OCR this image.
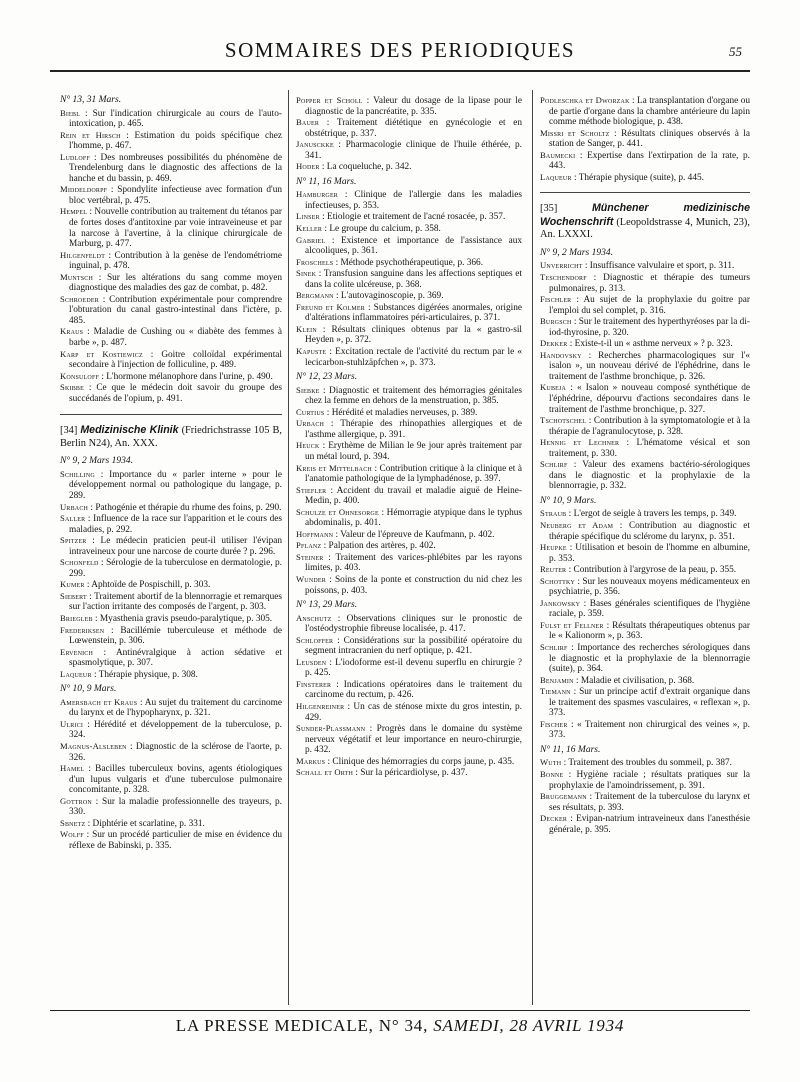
SOMMAIRES DES PERIODIQUES	55
N° 13, 31 Mars.

Biebl : Sur l'indication chirurgicale au cours de l'auto-intoxication, p. 465.

Rein et Hirsch : Estimation du poids spécifique chez l'homme, p. 467.

Ludloff : Des nombreuses possibilités du phénomène de Trendelenburg dans le diagnostic des affections de la hanche et du bassin, p. 469.

Middeldorpf : Spondylite infectieuse avec formation d'un bloc vertébral, p. 475.

Hempel : Nouvelle contribution au traitement du tétanos par de fortes doses d'antitoxine par voie intraveineuse et par la narcose à l'avertine, à la clinique chirurgicale de Marburg, p. 477.

Hilgenfeldt : Contribution à la genèse de l'endométriome inguinal, p. 478.

Muntsch : Sur les altérations du sang comme moyen diagnostique des maladies des gaz de combat, p. 482.

Schroeder : Contribution expérimentale pour comprendre l'obturation du canal gastro-intestinal dans l'ictère, p. 485.

Kraus : Maladie de Cushing ou « diabète des femmes à barbe », p. 487.

Karp et Kostiewicz : Goitre colloïdal expérimental secondaire à l'injection de folliculine, p. 489.

Konsuloff : L'hormone mélanophore dans l'urine, p. 490.

Skibbe : Ce que le médecin doit savoir du groupe des succédanés de l'opium, p. 491.

[34] Medizinische Klinik (Friedrichstrasse 105 B, Berlin N24), An. XXX.

N° 9, 2 Mars 1934.

Schilling : Importance du « parler interne » pour le développement normal ou pathologique du langage, p. 289.

Urbach : Pathogénie et thérapie du rhume des foins, p. 290.

Saller : Influence de la race sur l'apparition et le cours des maladies, p. 292.

Spitzer : Le médecin praticien peut-il utiliser l'évipan intraveineux pour une narcose de courte durée ? p. 296.

Schonfeld : Sérologie de la tuberculose en dermatologie, p. 299.

Kumer : Aphtoïde de Pospischill, p. 303.

Siebert : Traitement abortif de la blennorragie et remarques sur l'action irritante des composés de l'argent, p. 303.

Briegleb : Myasthenia gravis pseudo-paralytique, p. 305.

Frederiksen : Bacillémie tuberculeuse et méthode de Lœwenstein, p. 306.

Ervenich : Antinévralgique à action sédative et spasmolytique, p. 307.

Laqueur : Thérapie physique, p. 308.

N° 10, 9 Mars.

Amersbach et Kraus : Au sujet du traitement du carcinome du larynx et de l'hypopharynx, p. 321.

Ulrici : Hérédité et développement de la tuberculose, p. 324.

Magnus-Alsleben : Diagnostic de la sclérose de l'aorte, p. 326.

Hamel : Bacilles tuberculeux bovins, agents étiologiques d'un lupus vulgaris et d'une tuberculose pulmonaire concomitante, p. 328.

Gottron : Sur la maladie professionnelle des trayeurs, p. 330.

Sbnetz : Diphtérie et scarlatine, p. 331.

Wolff : Sur un procédé particulier de mise en évidence du réflexe de Babinski, p. 335.

Popper et Scholl : Valeur du dosage de la lipase pour le diagnostic de la pancréatite, p. 335.

Bauer : Traitement diététique en gynécologie et en obstétrique, p. 337.

Janusckke : Pharmacologie clinique de l'huile éthérée, p. 341.

Hoder : La coqueluche, p. 342.

N° 11, 16 Mars.

Hamburger : Clinique de l'allergie dans les maladies infectieuses, p. 353.

Linser : Etiologie et traitement de l'acné rosacée, p. 357.

Keller : Le groupe du calcium, p. 358.

Gabriel : Existence et importance de l'assistance aux alcooliques, p. 361.

Froschels : Méthode psychothérapeutique, p. 366.

Sinek : Transfusion sanguine dans les affections septiques et dans la colite ulcéreuse, p. 368.

Bergmann : L'autovaginoscopie, p. 369.

Freund et Kolmer : Substances digérées anormales, origine d'altérations inflammatoires péri-articulaires, p. 371.

Klein : Résultats cliniques obtenus par la « gastro-sil Heyden », p. 372.

Kapuste : Excitation rectale de l'activité du rectum par le « lecicarbon-stuhlzäpfchen », p. 373.

N° 12, 23 Mars.

Siebke : Diagnostic et traitement des hémorragies génitales chez la femme en dehors de la menstruation, p. 385.

Curtius : Hérédité et maladies nerveuses, p. 389.

Urbach : Thérapie des rhinopathies allergiques et de l'asthme allergique, p. 391.

Heuck : Erythème de Milian le 9e jour après traitement par un métal lourd, p. 394.

Kreis et Mittelbach : Contribution critique à la clinique et à l'anatomie pathologique de la lymphadénose, p. 397.

Stiefler : Accident du travail et maladie aiguë de Heine-Medin, p. 400.

Schulze et Ohnesorge : Hémorragie atypique dans le typhus abdominalis, p. 401.

Hoffmann : Valeur de l'épreuve de Kaufmann, p. 402.

Pflanz : Palpation des artères, p. 402.

Steiner : Traitement des varices-phlébites par les rayons limites, p. 403.

Wunder : Soins de la ponte et construction du nid chez les poissons, p. 403.

N° 13, 29 Mars.

Anschutz : Observations cliniques sur le pronostic de l'ostéodystrophie fibreuse localisée, p. 417.

Schloffer : Considérations sur la possibilité opératoire du segment intracranien du nerf optique, p. 421.

Leusden : L'iodoforme est-il devenu superflu en chirurgie ? p. 425.

Finsterer : Indications opératoires dans le traitement du carcinome du rectum, p. 426.

Hilgenreiner : Un cas de sténose mixte du gros intestin, p. 429.

Sunder-Plassmann : Progrès dans le domaine du système nerveux végétatif et leur importance en neuro-chirurgie, p. 432.

Markus : Clinique des hémorragies du corps jaune, p. 435.

Schall et Orth : Sur la péricardiolyse, p. 437.

Podleschka et Dworzak : La transplantation d'organe ou de partie d'organe dans la chambre antérieure du lapin comme méthode biologique, p. 438.

Missri et Scholtz : Résultats cliniques observés à la station de Sanger, p. 441.

Baumecki : Expertise dans l'extirpation de la rate, p. 443.

Laqueur : Thérapie physique (suite), p. 445.

[35]	Münchener medizinische Wochenschrift (Leopoldstrasse 4, Munich, 23), An. LXXXI.

N° 9, 2 Mars 1934.

Unverricht : Insuffisance valvulaire et sport, p. 311.

Teschendorf : Diagnostic et thérapie des tumeurs pulmonaires, p. 313.

Fischler : Au sujet de la prophylaxie du goitre par l'emploi du sel complet, p. 316.

Burgsch : Sur le traitement des hyperthyréoses par la di-iod-thyrosine, p. 320.

Dekker : Existe-t-il un « asthme nerveux » ? p. 323.

Handovsky : Recherches pharmacologiques sur l'« isalon », un nouveau dérivé de l'éphédrine, dans le traitement de l'asthme bronchique, p. 326.

Kubeja : « Isalon » nouveau composé synthétique de l'éphédrine, dépourvu d'actions secondaires dans le traitement de l'asthme bronchique, p. 327.

Tschotschel : Contribution à la symptomatologie et à la thérapie de l'agranulocytose, p. 328.

Hennig et Lechner : L'hématome vésical et son traitement, p. 330.

Schlirf : Valeur des examens bactério-sérologiques dans le diagnostic et la prophylaxie de la blennorragie, p. 332.

N° 10, 9 Mars.

Straub : L'ergot de seigle à travers les temps, p. 349.

Neuberg et Adam : Contribution au diagnostic et thérapie spécifique du sclérome du larynx, p. 351.

Heupke : Utilisation et besoin de l'homme en albumine, p. 353.

Reuter : Contribution à l'argyrose de la peau, p. 355.

Schottky : Sur les nouveaux moyens médicamenteux en psychiatrie, p. 356.

Jankowsky : Bases générales scientifiques de l'hygiène raciale, p. 359.

Fulst et Fellner : Résultats thérapeutiques obtenus par le « Kalionorm », p. 363.

Schlirf : Importance des recherches sérologiques dans le diagnostic et la prophylaxie de la blennorragie (suite), p. 364.

Benjamin : Maladie et civilisation, p. 368.

Tiemann : Sur un principe actif d'extrait organique dans le traitement des spasmes vasculaires, « reflexan », p. 373.

Fischer : « Traitement non chirurgical des veines », p. 373.

N° 11, 16 Mars.

Wuth : Traitement des troubles du sommeil, p. 387.

Bonne : Hygiène raciale ; résultats pratiques sur la prophylaxie de l'amoindrissement, p. 391.

Bruggemann : Traitement de la tuberculose du larynx et ses résultats, p. 393.

Decker : Evipan-natrium intraveineux dans l'anesthésie générale, p. 395.

LA PRESSE MEDICALE, N° 34, SAMEDI, 28 AVRIL 1934
